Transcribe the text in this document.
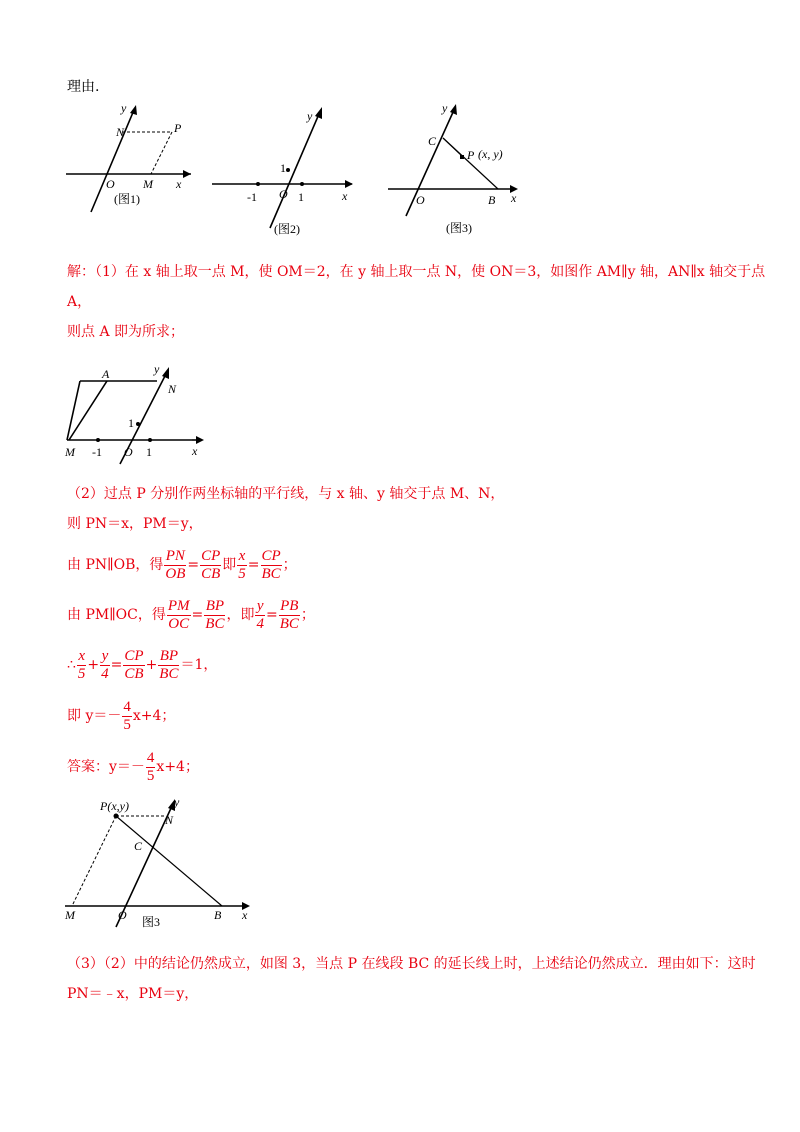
理由.
y
N	P
O M x
(图1)
y
1
-1 O 1	x
(图2)
y
C
P (x, y)
O	B x
(图3)
解：（1）在 x 轴上取一点 M，使 OM＝2，在 y 轴上取一点 N，使 ON＝3，如图作 AM∥y 轴，AN∥x 轴交于点
A，
则点 A 即为所求；
A	y
N
1
M -1 O 1	x
（2）过点 P 分别作两坐标轴的平行线，与 x 轴、y 轴交于点 M、N，
则 PN＝x，PM＝y，
由 PN∥OB，得 $\frac{PN}{OB} = \frac{CP}{CB}$ 即 $\frac{x}{5} = \frac{CP}{BC}$ ；
由 PM∥OC，得 $\frac{PM}{OC} = \frac{BP}{BC}$ ，即 $\frac{y}{4} = \frac{PB}{BC}$ ；
∴ $\frac{x}{5} + \frac{y}{4} = \frac{CP}{CB} + \frac{BP}{BC} =1$，
即 $y=- \frac{4}{5} x+4$；
答案：$y=- \frac{4}{5} x+4$；
P(x,y)	y
N
C
M	O 图3	B x
（3）（2）中的结论仍然成立，如图 3，当点 P 在线段 BC 的延长线上时，上述结论仍然成立．理由如下：这时
PN＝﹣x，PM＝y，
